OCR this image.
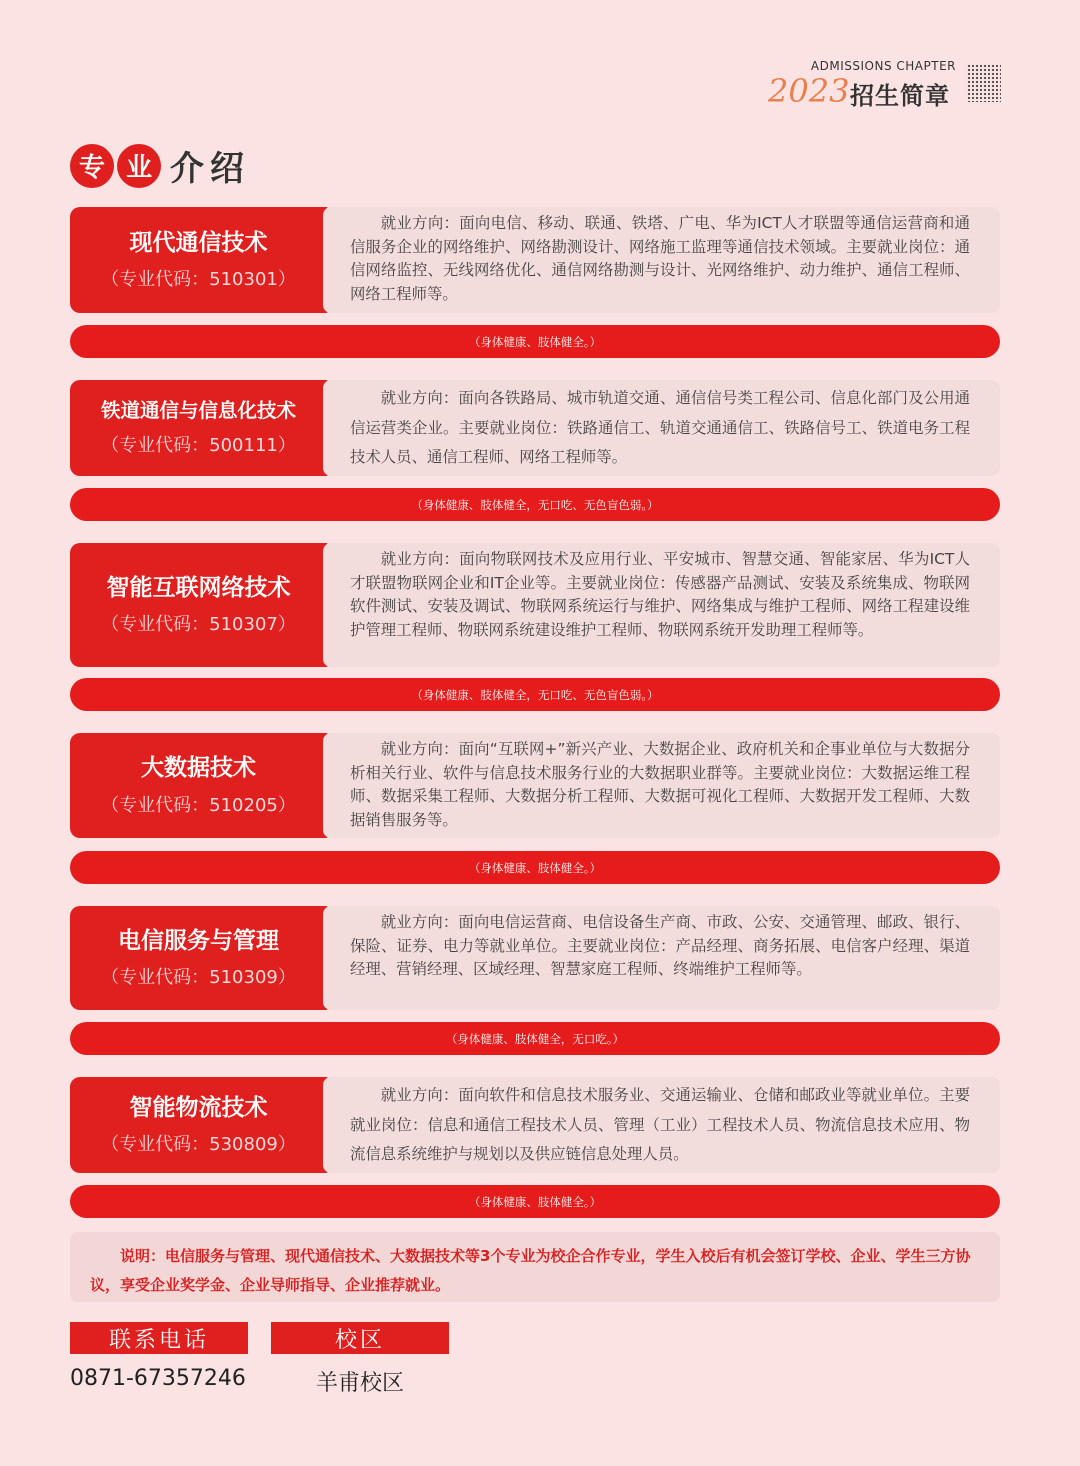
ADMISSIONS CHAPTER
2023 招生简章
专 业 介绍
现代通信技术
（专业代码：510301）
就业方向：面向电信、移动、联通、铁塔、广电、华为ICT人才联盟等通信运营商和通信服务企业的网络维护、网络勘测设计、网络施工监理等通信技术领域。主要就业岗位：通信网络监控、无线网络优化、通信网络勘测与设计、光网络维护、动力维护、通信工程师、网络工程师等。
（身体健康、肢体健全。）
铁道通信与信息化技术
（专业代码：500111）
就业方向：面向各铁路局、城市轨道交通、通信信号类工程公司、信息化部门及公用通信运营类企业。主要就业岗位：铁路通信工、轨道交通通信工、铁路信号工、铁道电务工程技术人员、通信工程师、网络工程师等。
（身体健康、肢体健全，无口吃、无色盲色弱。）
智能互联网络技术
（专业代码：510307）
就业方向：面向物联网技术及应用行业、平安城市、智慧交通、智能家居、华为ICT人才联盟物联网企业和IT企业等。主要就业岗位：传感器产品测试、安装及系统集成、物联网软件测试、安装及调试、物联网系统运行与维护、网络集成与维护工程师、网络工程建设维护管理工程师、物联网系统建设维护工程师、物联网系统开发助理工程师等。
（身体健康、肢体健全，无口吃、无色盲色弱。）
大数据技术
（专业代码：510205）
就业方向：面向“互联网+”新兴产业、大数据企业、政府机关和企事业单位与大数据分析相关行业、软件与信息技术服务行业的大数据职业群等。主要就业岗位：大数据运维工程师、数据采集工程师、大数据分析工程师、大数据可视化工程师、大数据开发工程师、大数据销售服务等。
（身体健康、肢体健全。）
电信服务与管理
（专业代码：510309）
就业方向：面向电信运营商、电信设备生产商、市政、公安、交通管理、邮政、银行、保险、证券、电力等就业单位。主要就业岗位：产品经理、商务拓展、电信客户经理、渠道经理、营销经理、区域经理、智慧家庭工程师、终端维护工程师等。
（身体健康、肢体健全，无口吃。）
智能物流技术
（专业代码：530809）
就业方向：面向软件和信息技术服务业、交通运输业、仓储和邮政业等就业单位。主要就业岗位：信息和通信工程技术人员、管理（工业）工程技术人员、物流信息技术应用、物流信息系统维护与规划以及供应链信息处理人员。
（身体健康、肢体健全。）
说明：电信服务与管理、现代通信技术、大数据技术等3个专业为校企合作专业，学生入校后有机会签订学校、企业、学生三方协议，享受企业奖学金、企业导师指导、企业推荐就业。
联系电话	校区
0871-67357246	羊甫校区
